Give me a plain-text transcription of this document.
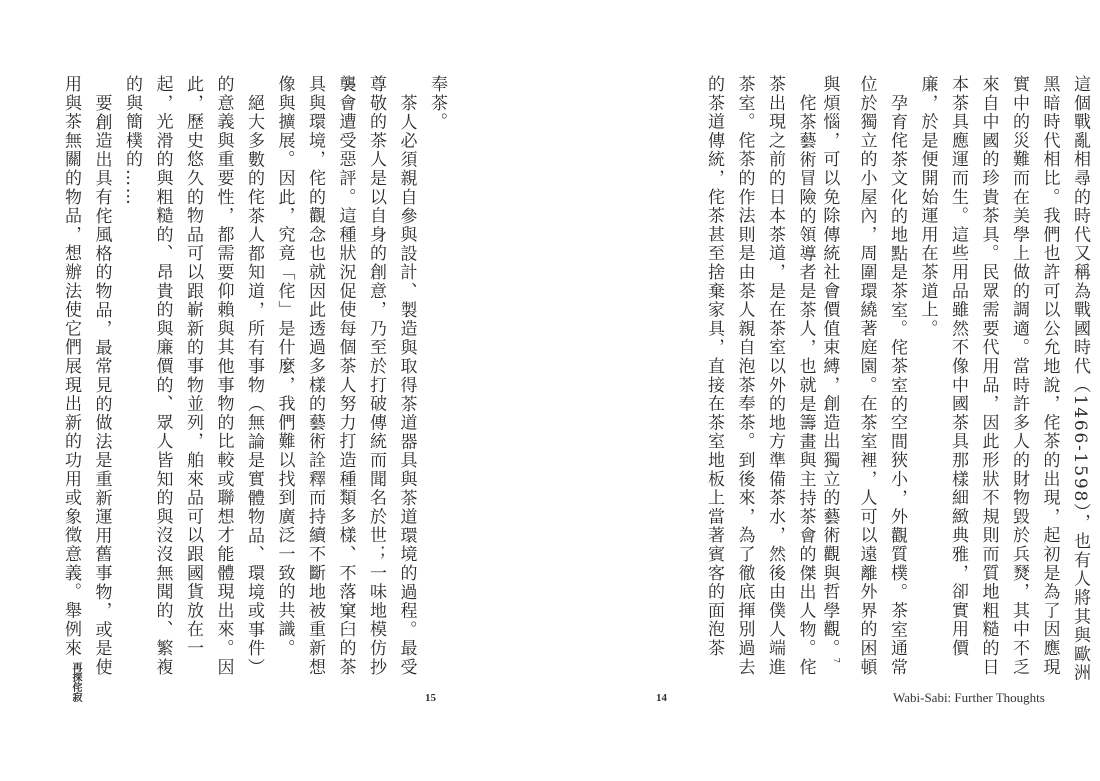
奉茶。

茶人必須親自參與設計、製造與取得茶道器具與茶道環境的過程。最受

尊敬的茶人是以自身的創意，乃至於打破傳統而聞名於世；一味地模仿抄

襲會遭受惡評。這種狀況促使每個茶人努力打造種類多樣、不落窠臼的茶

具與環境，侘的觀念也就因此透過多樣的藝術詮釋而持續不斷地被重新想

像與擴展。因此，究竟「侘」是什麼，我們難以找到廣泛一致的共識。

絕大多數的侘茶人都知道，所有事物（無論是實體物品、環境或事件）

的意義與重要性，都需要仰賴與其他事物的比較或聯想才能體現出來。因

此，歷史悠久的物品可以跟嶄新的事物並列，舶來品可以跟國貨放在一

起，光滑的與粗糙的、昂貴的與廉價的、眾人皆知的與沒沒無聞的、繁複

的與簡樸的……

要創造出具有侘風格的物品，最常見的做法是重新運用舊事物，或是使

用與茶無關的物品，想辦法使它們展現出新的功用或象徵意義。舉例來

再探侘寂	15

這個戰亂相尋的時代又稱為戰國時代（1466-1598），也有人將其與歐洲

黑暗時代相比。我們也許可以公允地說，侘茶的出現，起初是為了因應現

實中的災難而在美學上做的調適。當時許多人的財物毀於兵燹，其中不乏

來自中國的珍貴茶具。民眾需要代用品，因此形狀不規則而質地粗糙的日

本茶具應運而生。這些用品雖然不像中國茶具那樣細緻典雅，卻實用價

廉，於是便開始運用在茶道上。

孕育侘茶文化的地點是茶室。侘茶室的空間狹小，外觀質樸。茶室通常

位於獨立的小屋內，周圍環繞著庭園。在茶室裡，人可以遠離外界的困頓

與煩惱，可以免除傳統社會價值束縛，創造出獨立的藝術觀與哲學觀。$^7$

侘茶藝術冒險的領導者是茶人，也就是籌畫與主持茶會的傑出人物。侘

茶出現之前的日本茶道，是在茶室以外的地方準備茶水，然後由僕人端進

茶室。侘茶的作法則是由茶人親自泡茶奉茶。到後來，為了徹底揮別過去

的茶道傳統，侘茶甚至捨棄家具，直接在茶室地板上當著賓客的面泡茶

14	Wabi-Sabi: Further Thoughts
